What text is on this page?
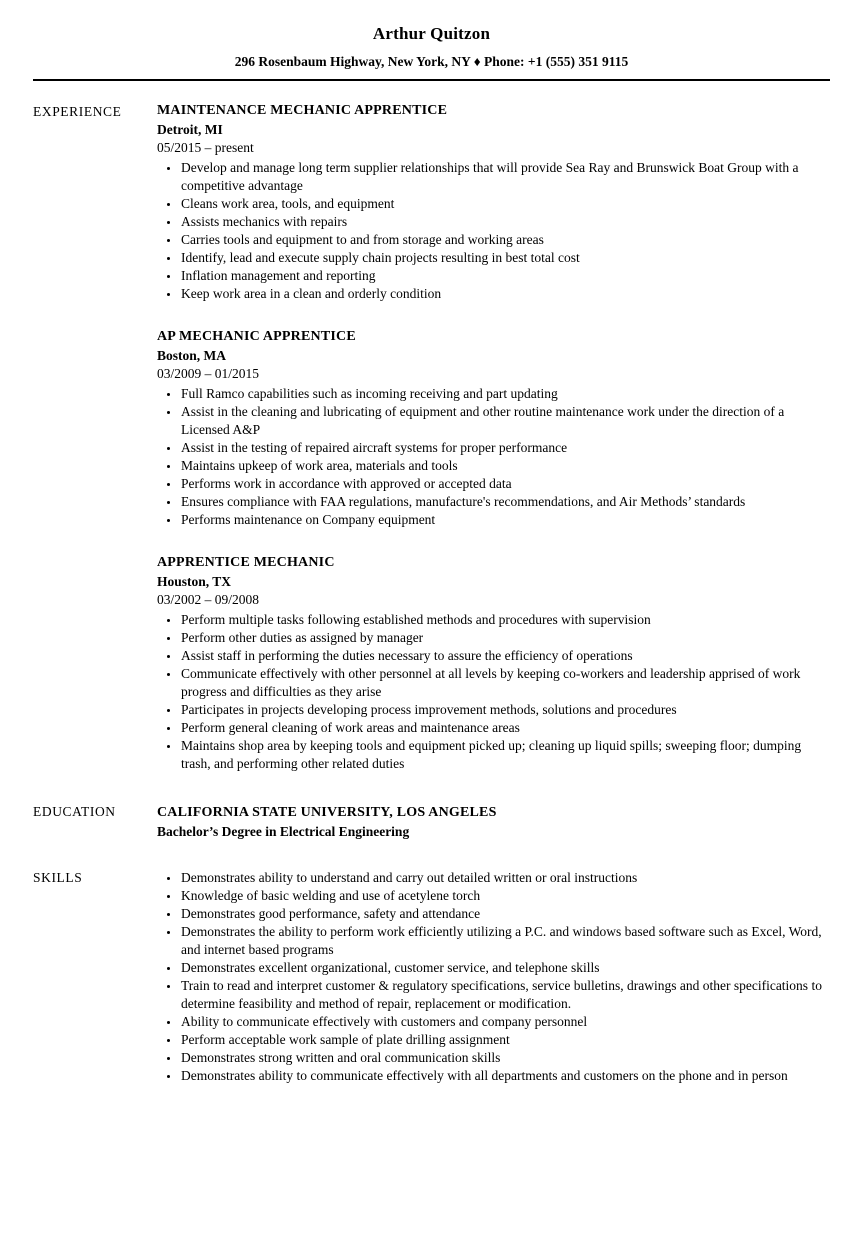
Arthur Quitzon
296 Rosenbaum Highway, New York, NY ♦ Phone: +1 (555) 351 9115
EXPERIENCE	MAINTENANCE MECHANIC APPRENTICE
Detroit, MI
05/2015 – present
• Develop and manage long term supplier relationships that will provide Sea Ray and Brunswick Boat Group with a competitive advantage
• Cleans work area, tools, and equipment
• Assists mechanics with repairs
• Carries tools and equipment to and from storage and working areas
• Identify, lead and execute supply chain projects resulting in best total cost
• Inflation management and reporting
• Keep work area in a clean and orderly condition
AP MECHANIC APPRENTICE
Boston, MA
03/2009 – 01/2015
• Full Ramco capabilities such as incoming receiving and part updating
• Assist in the cleaning and lubricating of equipment and other routine maintenance work under the direction of a Licensed A&P
• Assist in the testing of repaired aircraft systems for proper performance
• Maintains upkeep of work area, materials and tools
• Performs work in accordance with approved or accepted data
• Ensures compliance with FAA regulations, manufacture's recommendations, and Air Methods’ standards
• Performs maintenance on Company equipment
APPRENTICE MECHANIC
Houston, TX
03/2002 – 09/2008
• Perform multiple tasks following established methods and procedures with supervision
• Perform other duties as assigned by manager
• Assist staff in performing the duties necessary to assure the efficiency of operations
• Communicate effectively with other personnel at all levels by keeping co-workers and leadership apprised of work progress and difficulties as they arise
• Participates in projects developing process improvement methods, solutions and procedures
• Perform general cleaning of work areas and maintenance areas
• Maintains shop area by keeping tools and equipment picked up; cleaning up liquid spills; sweeping floor; dumping trash, and performing other related duties
EDUCATION	CALIFORNIA STATE UNIVERSITY, LOS ANGELES
Bachelor’s Degree in Electrical Engineering
SKILLS	• Demonstrates ability to understand and carry out detailed written or oral instructions
• Knowledge of basic welding and use of acetylene torch
• Demonstrates good performance, safety and attendance
• Demonstrates the ability to perform work efficiently utilizing a P.C. and windows based software such as Excel, Word, and internet based programs
• Demonstrates excellent organizational, customer service, and telephone skills
• Train to read and interpret customer & regulatory specifications, service bulletins, drawings and other specifications to determine feasibility and method of repair, replacement or modification.
• Ability to communicate effectively with customers and company personnel
• Perform acceptable work sample of plate drilling assignment
• Demonstrates strong written and oral communication skills
• Demonstrates ability to communicate effectively with all departments and customers on the phone and in person
